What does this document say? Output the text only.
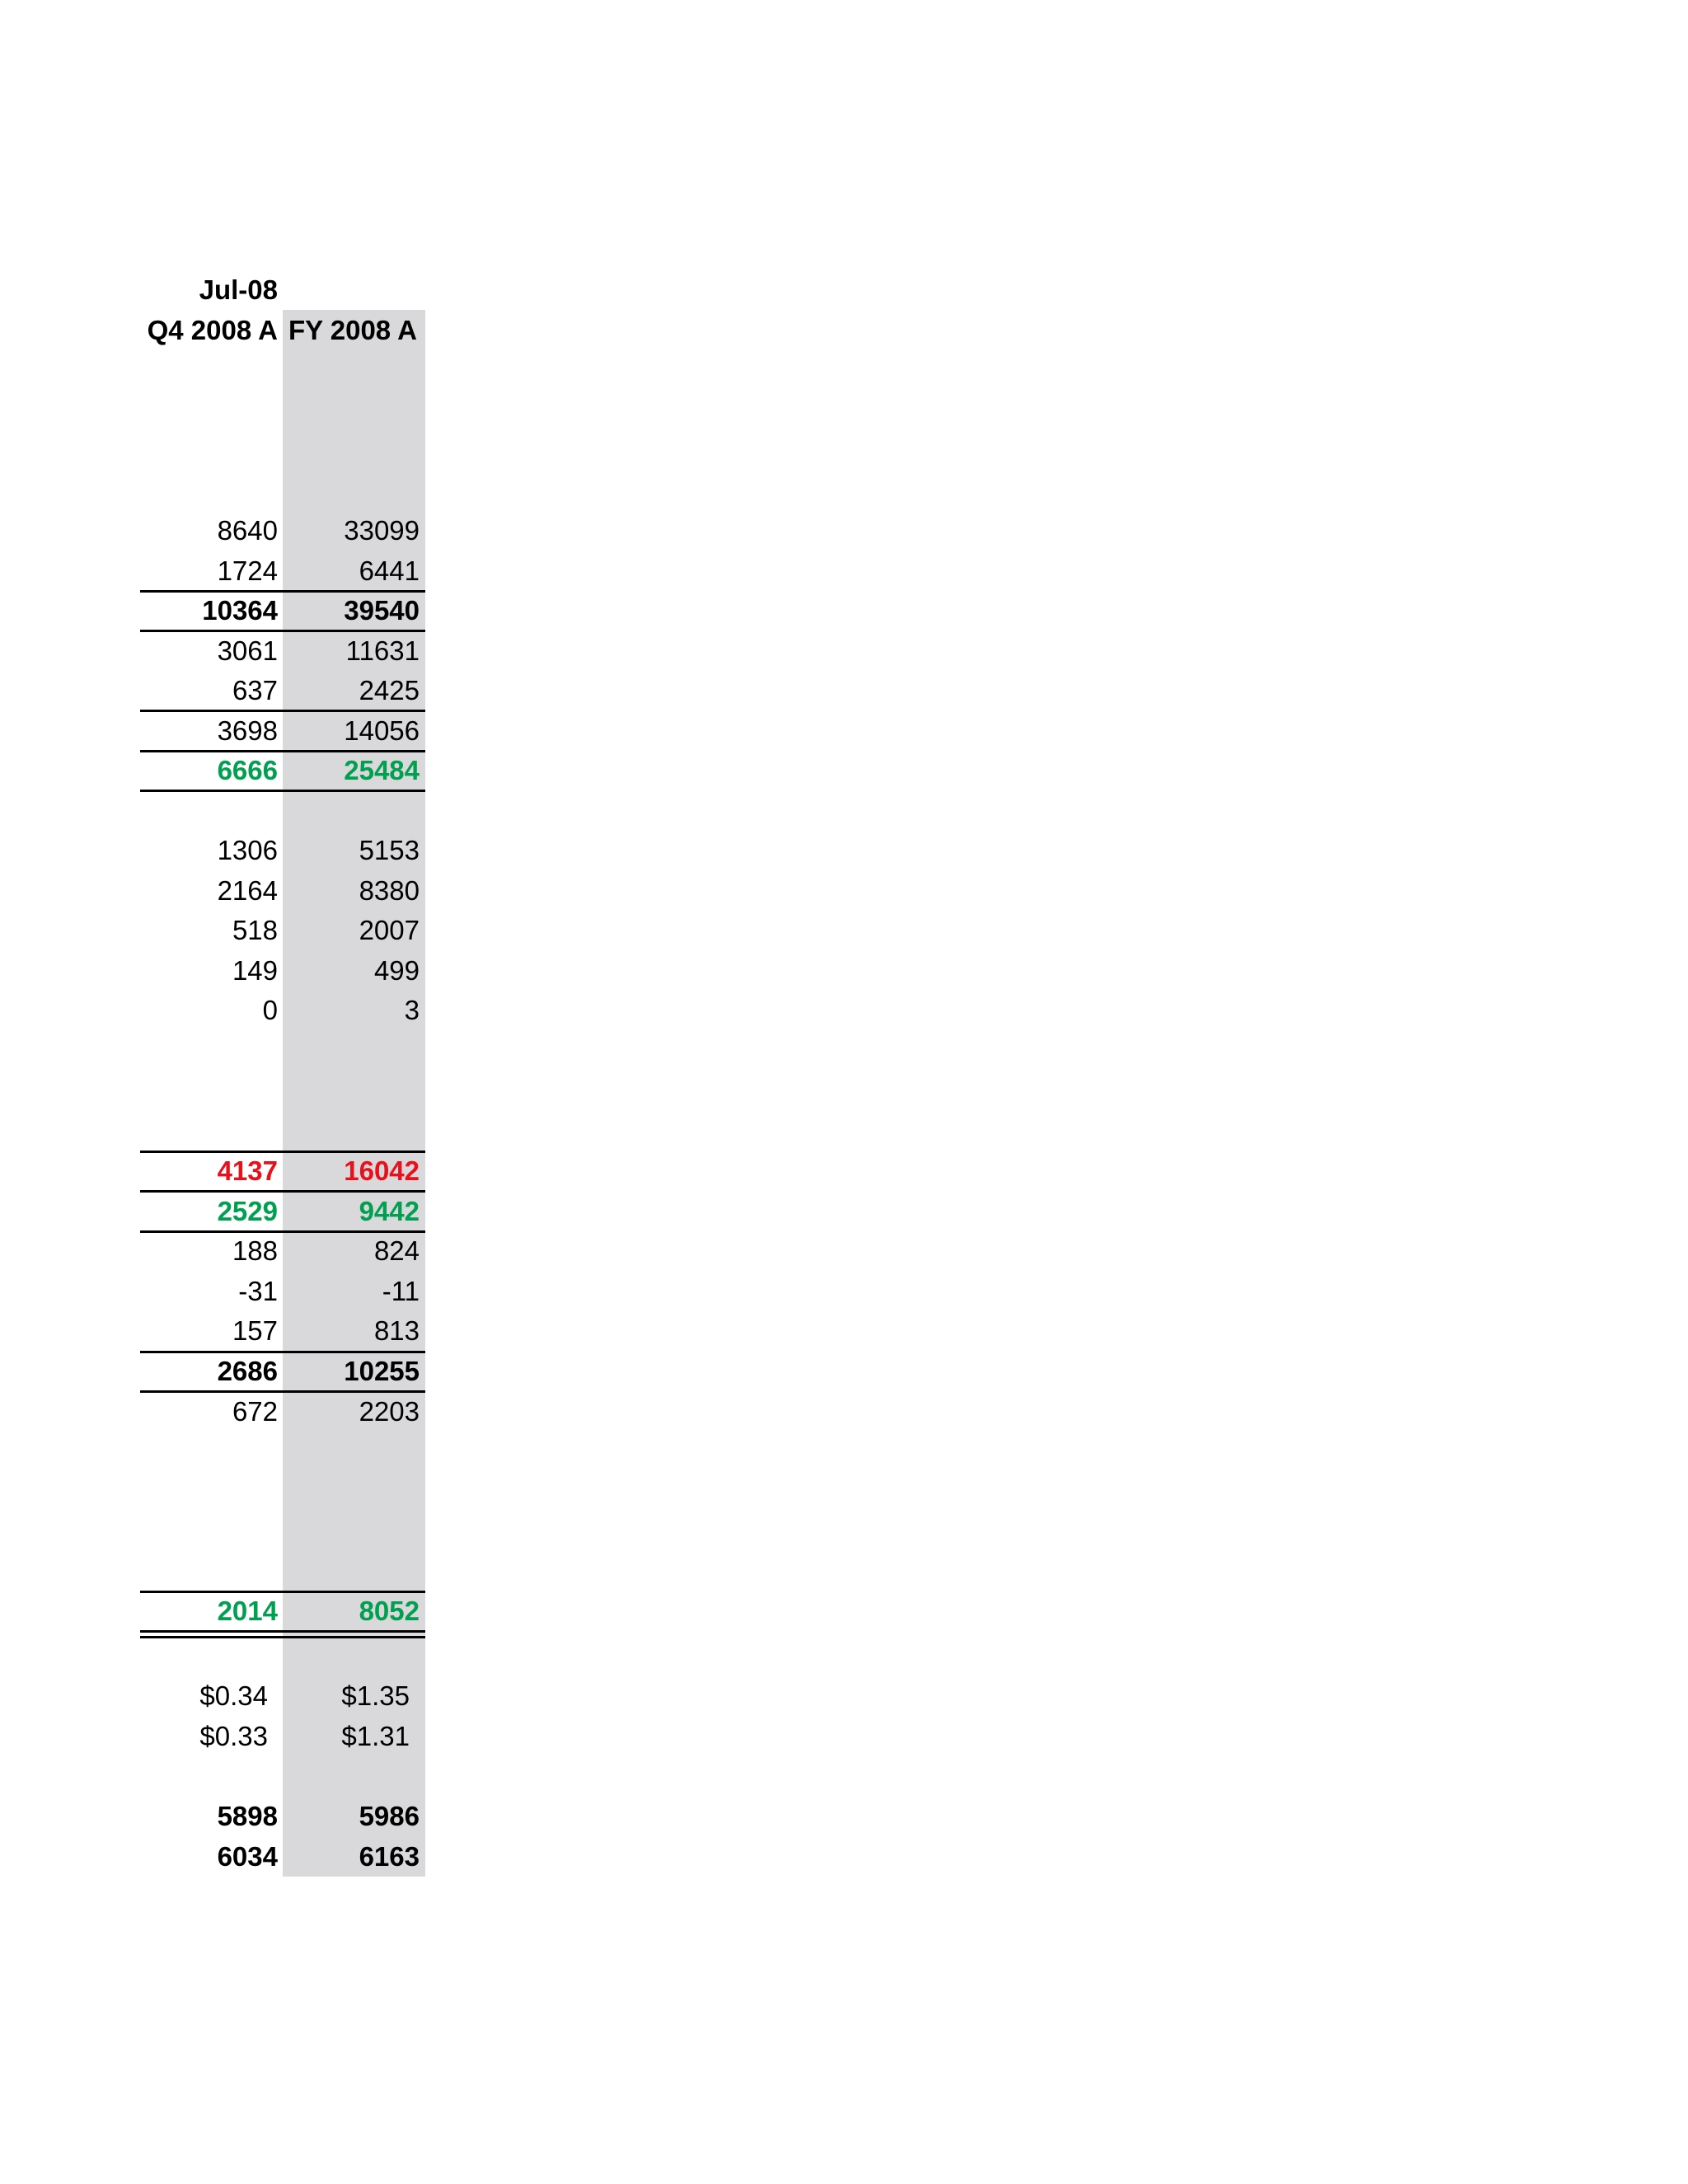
Jul-08
Q4 2008 A FY 2008 A
8640	33099
1724	6441
10364	39540
3061	11631
637	2425
3698	14056
6666	25484
1306	5153
2164	8380
518	2007
149	499
0	3
4137	16042
2529	9442
188	824
-31	-11
157	813
2686	10255
672	2203
2014	8052
$0.34	$1.35
$0.33	$1.31
5898	5986
6034	6163
